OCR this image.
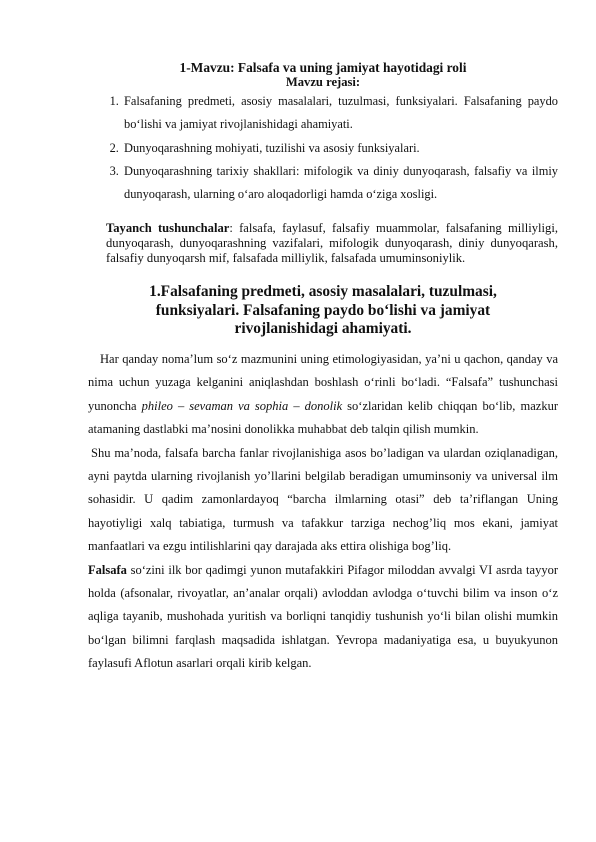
1-Mavzu: Falsafa va uning jamiyat hayotidagi roli
Mavzu rejasi:
1. Falsafaning predmeti, asosiy masalalari, tuzulmasi, funksiyalari. Falsafaning paydo bo‘lishi va jamiyat rivojlanishidagi ahamiyati.
2. Dunyoqarashning mohiyati, tuzilishi va asosiy funksiyalari.
3. Dunyoqarashning tarixiy shakllari: mifologik va diniy dunyoqarash, falsafiy va ilmiy dunyoqarash, ularning o‘aro aloqadorligi hamda o‘ziga xosligi.
Tayanch tushunchalar: falsafa, faylasuf, falsafiy muammolar, falsafaning milliyligi, dunyoqarash, dunyoqarashning vazifalari, mifologik dunyoqarash, diniy dunyoqarash, falsafiy dunyoqarsh mif, falsafada milliylik, falsafada umuminsoniylik.
1.Falsafaning predmeti, asosiy masalalari, tuzulmasi, funksiyalari. Falsafaning paydo bo‘lishi va jamiyat rivojlanishidagi ahamiyati.

Har qanday noma’lum so‘z mazmunini uning etimologiyasidan, ya’ni u qachon, qanday va nima uchun yuzaga kelganini aniqlashdan boshlash o‘rinli bo‘ladi. “Falsafa” tushunchasi yunoncha phileo – sevaman va sophia – donolik so‘zlaridan kelib chiqqan bo‘lib, mazkur atamaning dastlabki ma’nosini donolikka muhabbat deb talqin qilish mumkin.

Shu ma’noda, falsafa barcha fanlar rivojlanishiga asos bo’ladigan va ulardan oziqlanadigan, ayni paytda ularning rivojlanish yo’llarini belgilab beradigan umuminsoniy va universal ilm sohasidir. U qadim zamonlardayoq “barcha ilmlarning otasi” deb ta’riflangan Uning hayotiyligi xalq tabiatiga, turmush va tafakkur tarziga nechog’liq mos ekani, jamiyat manfaatlari va ezgu intilishlarini qay darajada aks ettira olishiga bog’liq.

Falsafa so‘zini ilk bor qadimgi yunon mutafakkiri Pifagor miloddan avvalgi VI asrda tayyor holda (afsonalar, rivoyatlar, an’analar orqali) avloddan avlodga o‘tuvchi bilim va inson o‘z aqliga tayanib, mushohada yuritish va borliqni tanqidiy tushunish yo‘li bilan olishi mumkin bo‘lgan bilimni farqlash maqsadida ishlatgan. Yevropa madaniyatiga esa, u buyukyunon faylasufi Aflotun asarlari orqali kirib kelgan.
